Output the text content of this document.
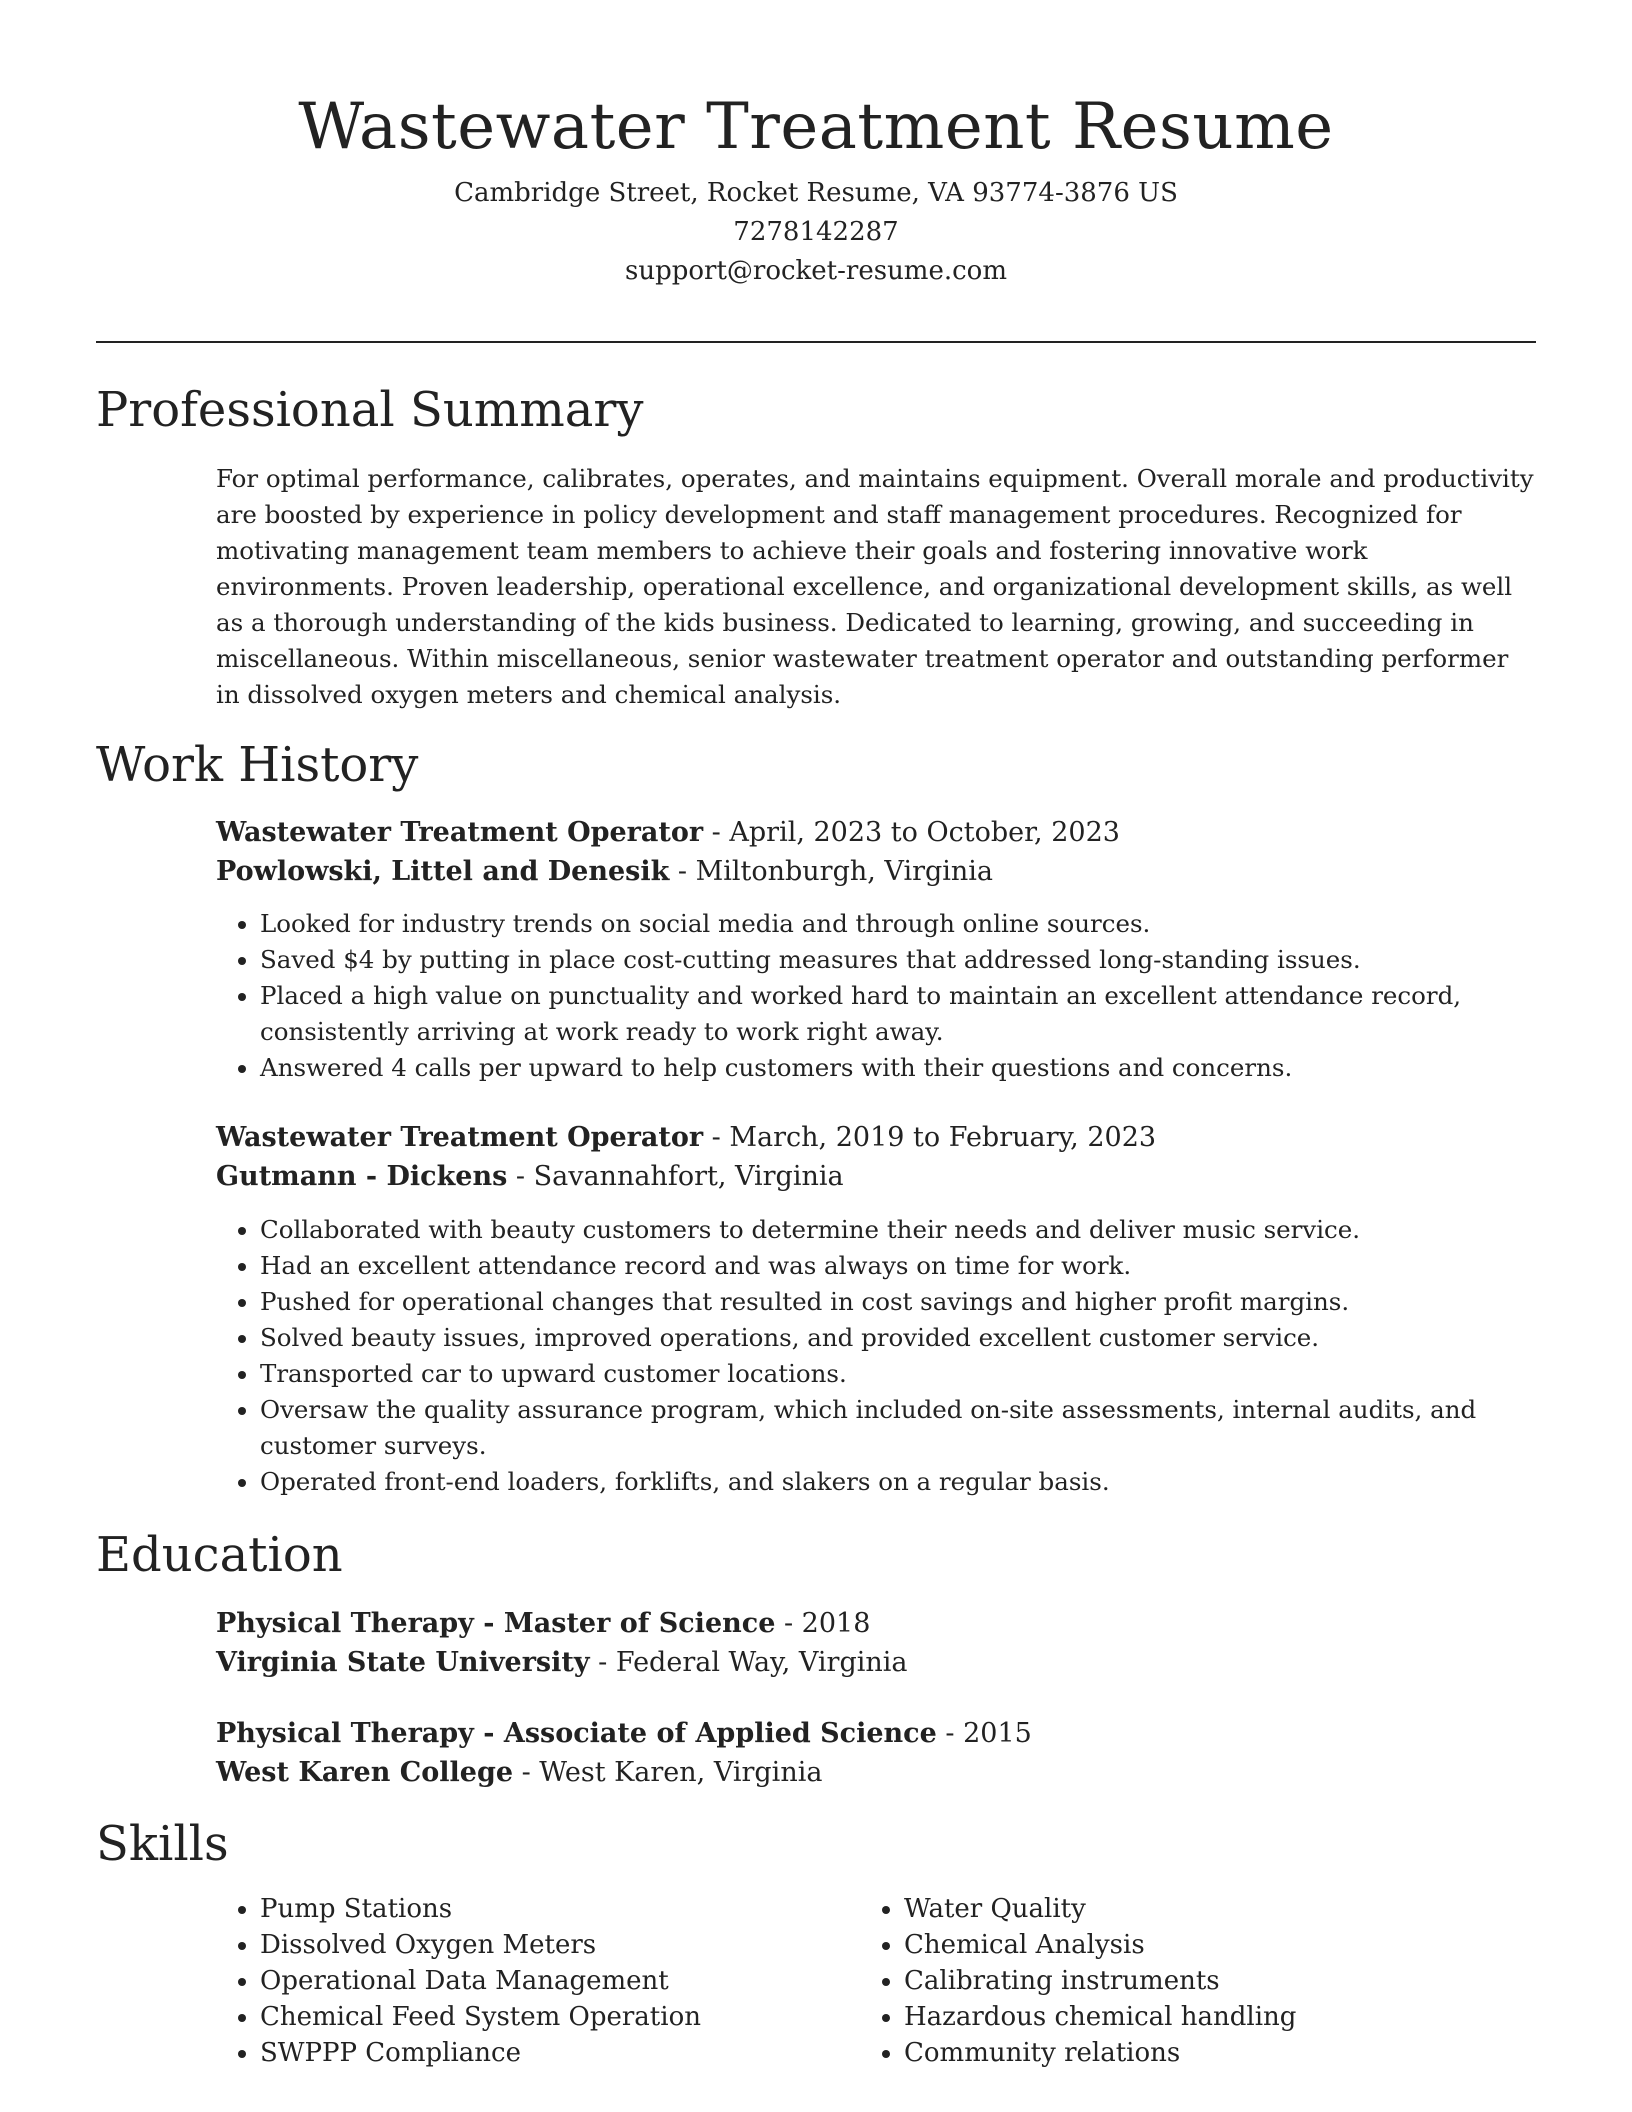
Wastewater Treatment Resume
Cambridge Street, Rocket Resume, VA 93774-3876 US
7278142287
support@rocket-resume.com
Professional Summary

For optimal performance, calibrates, operates, and maintains equipment. Overall morale and productivity are boosted by experience in policy development and staff management procedures. Recognized for motivating management team members to achieve their goals and fostering innovative work environments. Proven leadership, operational excellence, and organizational development skills, as well as a thorough understanding of the kids business. Dedicated to learning, growing, and succeeding in miscellaneous. Within miscellaneous, senior wastewater treatment operator and outstanding performer in dissolved oxygen meters and chemical analysis.

Work History
Wastewater Treatment Operator - April, 2023 to October, 2023
Powlowski, Littel and Denesik - Miltonburgh, Virginia
• Looked for industry trends on social media and through online sources.
• Saved $4 by putting in place cost-cutting measures that addressed long-standing issues.
• Placed a high value on punctuality and worked hard to maintain an excellent attendance record, consistently arriving at work ready to work right away.
• Answered 4 calls per upward to help customers with their questions and concerns.
Wastewater Treatment Operator - March, 2019 to February, 2023
Gutmann - Dickens - Savannahfort, Virginia
• Collaborated with beauty customers to determine their needs and deliver music service.
• Had an excellent attendance record and was always on time for work.
• Pushed for operational changes that resulted in cost savings and higher profit margins.
• Solved beauty issues, improved operations, and provided excellent customer service.
• Transported car to upward customer locations.
• Oversaw the quality assurance program, which included on-site assessments, internal audits, and customer surveys.
• Operated front-end loaders, forklifts, and slakers on a regular basis.
Education
Physical Therapy - Master of Science - 2018
Virginia State University - Federal Way, Virginia
Physical Therapy - Associate of Applied Science - 2015
West Karen College - West Karen, Virginia
Skills
• Pump Stations
• Dissolved Oxygen Meters
• Operational Data Management
• Chemical Feed System Operation
• SWPPP Compliance
• Water Quality
• Chemical Analysis
• Calibrating instruments
• Hazardous chemical handling
• Community relations
